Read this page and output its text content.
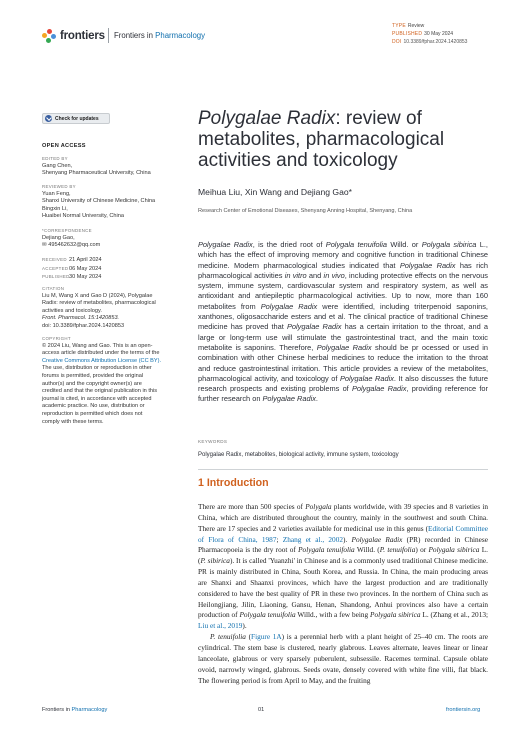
frontiers Frontiers in Pharmacology
TYPE Review
PUBLISHED 30 May 2024
DOI 10.3389/fphar.2024.1420853
Check for updates
OPEN ACCESS
EDITED BY
Gang Chen,
Shenyang Pharmaceutical University, China
REVIEWED BY
Yuan Feng,
Shanxi University of Chinese Medicine, China
Bingxin Li,
Huaibei Normal University, China
*CORRESPONDENCE
Dejiang Gao,
✉ 495462632@qq.com
RECEIVED 21 April 2024
ACCEPTED06 May 2024
PUBLISHED30 May 2024
CITATION
Liu M, Wang X and Gao D (2024), Polygalae
Radix: review of metabolites, pharmacological
activities and toxicology.
Front. Pharmacol. 15:1420853.
doi: 10.3389/fphar.2024.1420853
COPYRIGHT
© 2024 Liu, Wang and Gao. This is an open-
access article distributed under the terms of the
Creative Commons Attribution License (CC BY).
The use, distribution or reproduction in other
forums is permitted, provided the original
author(s) and the copyright owner(s) are
credited and that the original publication in this
journal is cited, in accordance with accepted
academic practice. No use, distribution or
reproduction is permitted which does not
comply with these terms.
Polygalae Radix: review of metabolites, pharmacological activities and toxicology
Meihua Liu, Xin Wang and Dejiang Gao*
Research Center of Emotional Diseases, Shenyang Anning Hospital, Shenyang, China
Polygalae Radix, is the dried root of Polygala tenuifolia Willd. or Polygala sibirica L., which has the effect of improving memory and cognitive function in traditional Chinese medicine. Modern pharmacological studies indicated that Polygalae Radix has rich pharmacological activities in vitro and in vivo, including protective effects on the nervous system, immune system, cardiovascular system and respiratory system, as well as antioxidant and antiepileptic pharmacological activities. Up to now, more than 160 metabolites from Polygalae Radix were identified, including triterpenoid saponins, xanthones, oligosaccharide esters and et al. The clinical practice of traditional Chinese medicine has proved that Polygalae Radix has a certain irritation to the throat, and a large or long-term use will stimulate the gastrointestinal tract, and the main toxic metabolite is saponins. Therefore, Polygalae Radix should be pr ocessed or used in combination with other Chinese herbal medicines to reduce the irritation to the throat and reduce gastrointestinal irritation. This article provides a review of the metabolites, pharmacological activity, and toxicology of Polygalae Radix. It also discusses the future research prospects and existing problems of Polygalae Radix, providing reference for further research on Polygalae Radix.
KEYWORDS
Polygalae Radix, metabolites, biological activity, immune system, toxicology
1 Introduction

There are more than 500 species of Polygala plants worldwide, with 39 species and 8 varieties in China, which are distributed throughout the country, mainly in the southwest and south China. There are 17 species and 2 varieties available for medicinal use in this genus (Editorial Committee of Flora of China, 1987; Zhang et al., 2002). Polygalae Radix (PR) recorded in Chinese Pharmacopoeia is the dry root of Polygala tenuifolia Willd. (P. tenuifolia) or Polygala sibirica L. (P. sibirica). It is called 'Yuanzhi' in Chinese and is a commonly used traditional Chinese medicine. PR is mainly distributed in China, South Korea, and Russia. In China, the main producing areas are Shanxi and Shaanxi provinces, which have the largest production and are traditionally considered to have the best quality of PR in these two provinces. In the northern of China such as Heilongjiang, Jilin, Liaoning, Gansu, Henan, Shandong, Anhui provinces also have a certain production of Polygala tenuifolia Willd., with a few being Polygala sibirica L. (Zhang et al., 2013; Liu et al., 2019).

P. tenuifolia (Figure 1A) is a perennial herb with a plant height of 25–40 cm. The roots are cylindrical. The stem base is clustered, nearly glabrous. Leaves alternate, leaves linear or linear lanceolate, glabrous or very sparsely puberulent, subsessile. Racemes terminal. Capsule oblate ovoid, narrowly winged, glabrous. Seeds ovate, densely covered with white fine villi, flat black. The flowering period is from April to May, and the fruiting

Frontiers in Pharmacology	01	frontiersin.org
